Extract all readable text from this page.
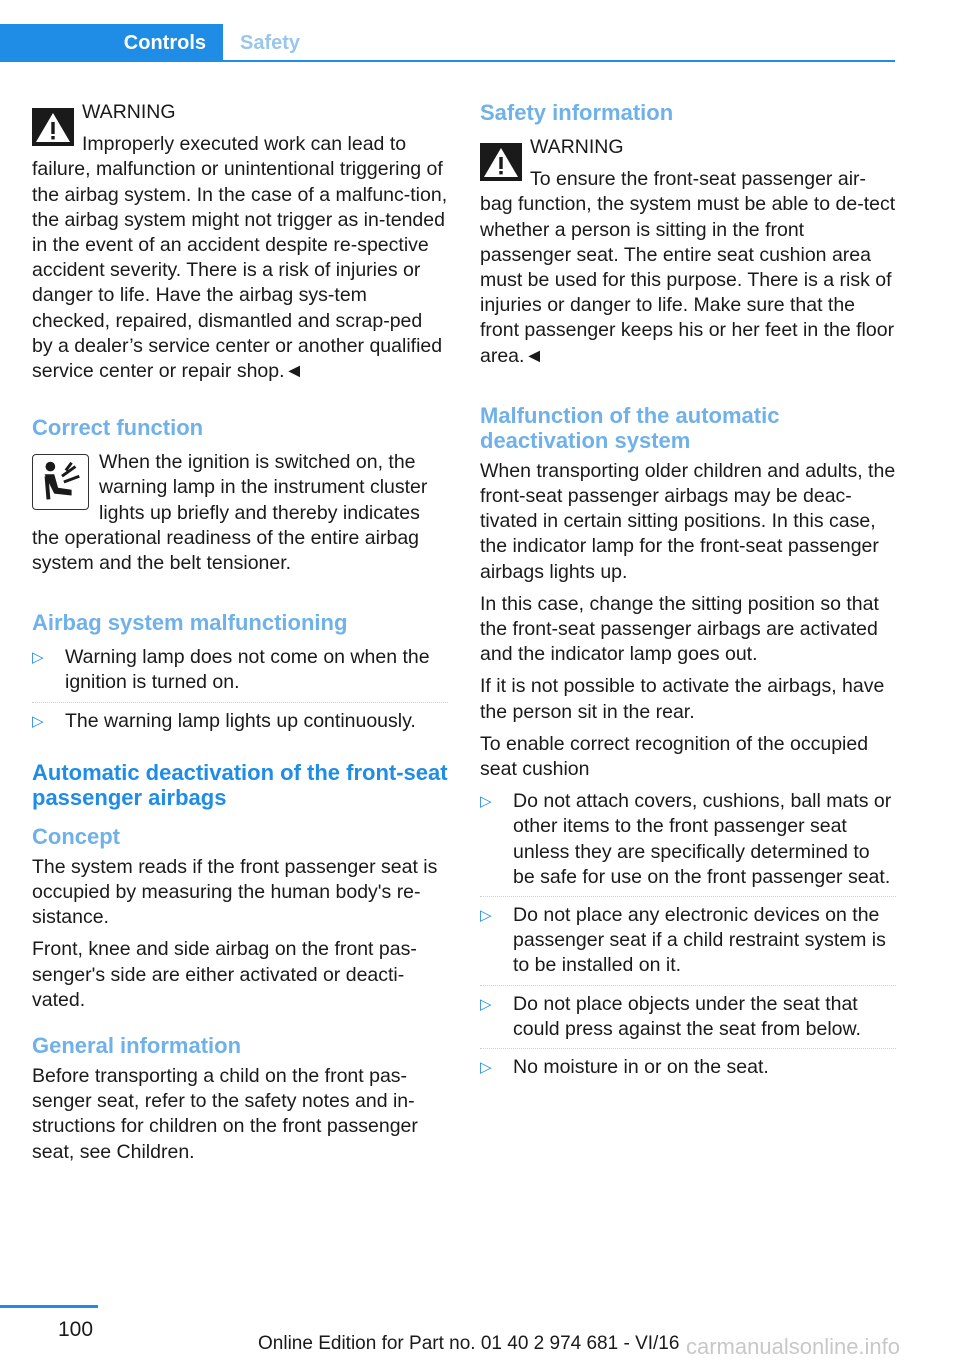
Controls	Safety
WARNING
Improperly executed work can lead to failure, malfunction or unintentional triggering of the airbag system. In the case of a malfunc-tion, the airbag system might not trigger as in-tended in the event of an accident despite re-spective accident severity. There is a risk of injuries or danger to life. Have the airbag sys-tem checked, repaired, dismantled and scrap-ped by a dealer’s service center or another qualified service center or repair shop.◄
Correct function
When the ignition is switched on, the warning lamp in the instrument cluster lights up briefly and thereby indicates the operational readiness of the entire airbag system and the belt tensioner.
Airbag system malfunctioning
▷ Warning lamp does not come on when the ignition is turned on.
▷ The warning lamp lights up continuously.
Automatic deactivation of the front-seat passenger airbags
Concept

The system reads if the front passenger seat is occupied by measuring the human body's re-sistance.

Front, knee and side airbag on the front pas-senger's side are either activated or deacti-vated.

General information

Before transporting a child on the front pas-senger seat, refer to the safety notes and in-structions for children on the front passenger seat, see Children.

Safety information
WARNING
To ensure the front-seat passenger air-bag function, the system must be able to de-tect whether a person is sitting in the front passenger seat. The entire seat cushion area must be used for this purpose. There is a risk of injuries or danger to life. Make sure that the front passenger keeps his or her feet in the floor area.◄
Malfunction of the automatic deactivation system

When transporting older children and adults, the front-seat passenger airbags may be deac-tivated in certain sitting positions. In this case, the indicator lamp for the front-seat passenger airbags lights up.

In this case, change the sitting position so that the front-seat passenger airbags are activated and the indicator lamp goes out.

If it is not possible to activate the airbags, have the person sit in the rear.

To enable correct recognition of the occupied seat cushion

▷ Do not attach covers, cushions, ball mats or other items to the front passenger seat unless they are specifically determined to be safe for use on the front passenger seat.
▷ Do not place any electronic devices on the passenger seat if a child restraint system is to be installed on it.
▷ Do not place objects under the seat that could press against the seat from below.
▷ No moisture in or on the seat.
100
Online Edition for Part no. 01 40 2 974 681 - VI/16 carmanualsonline.info
